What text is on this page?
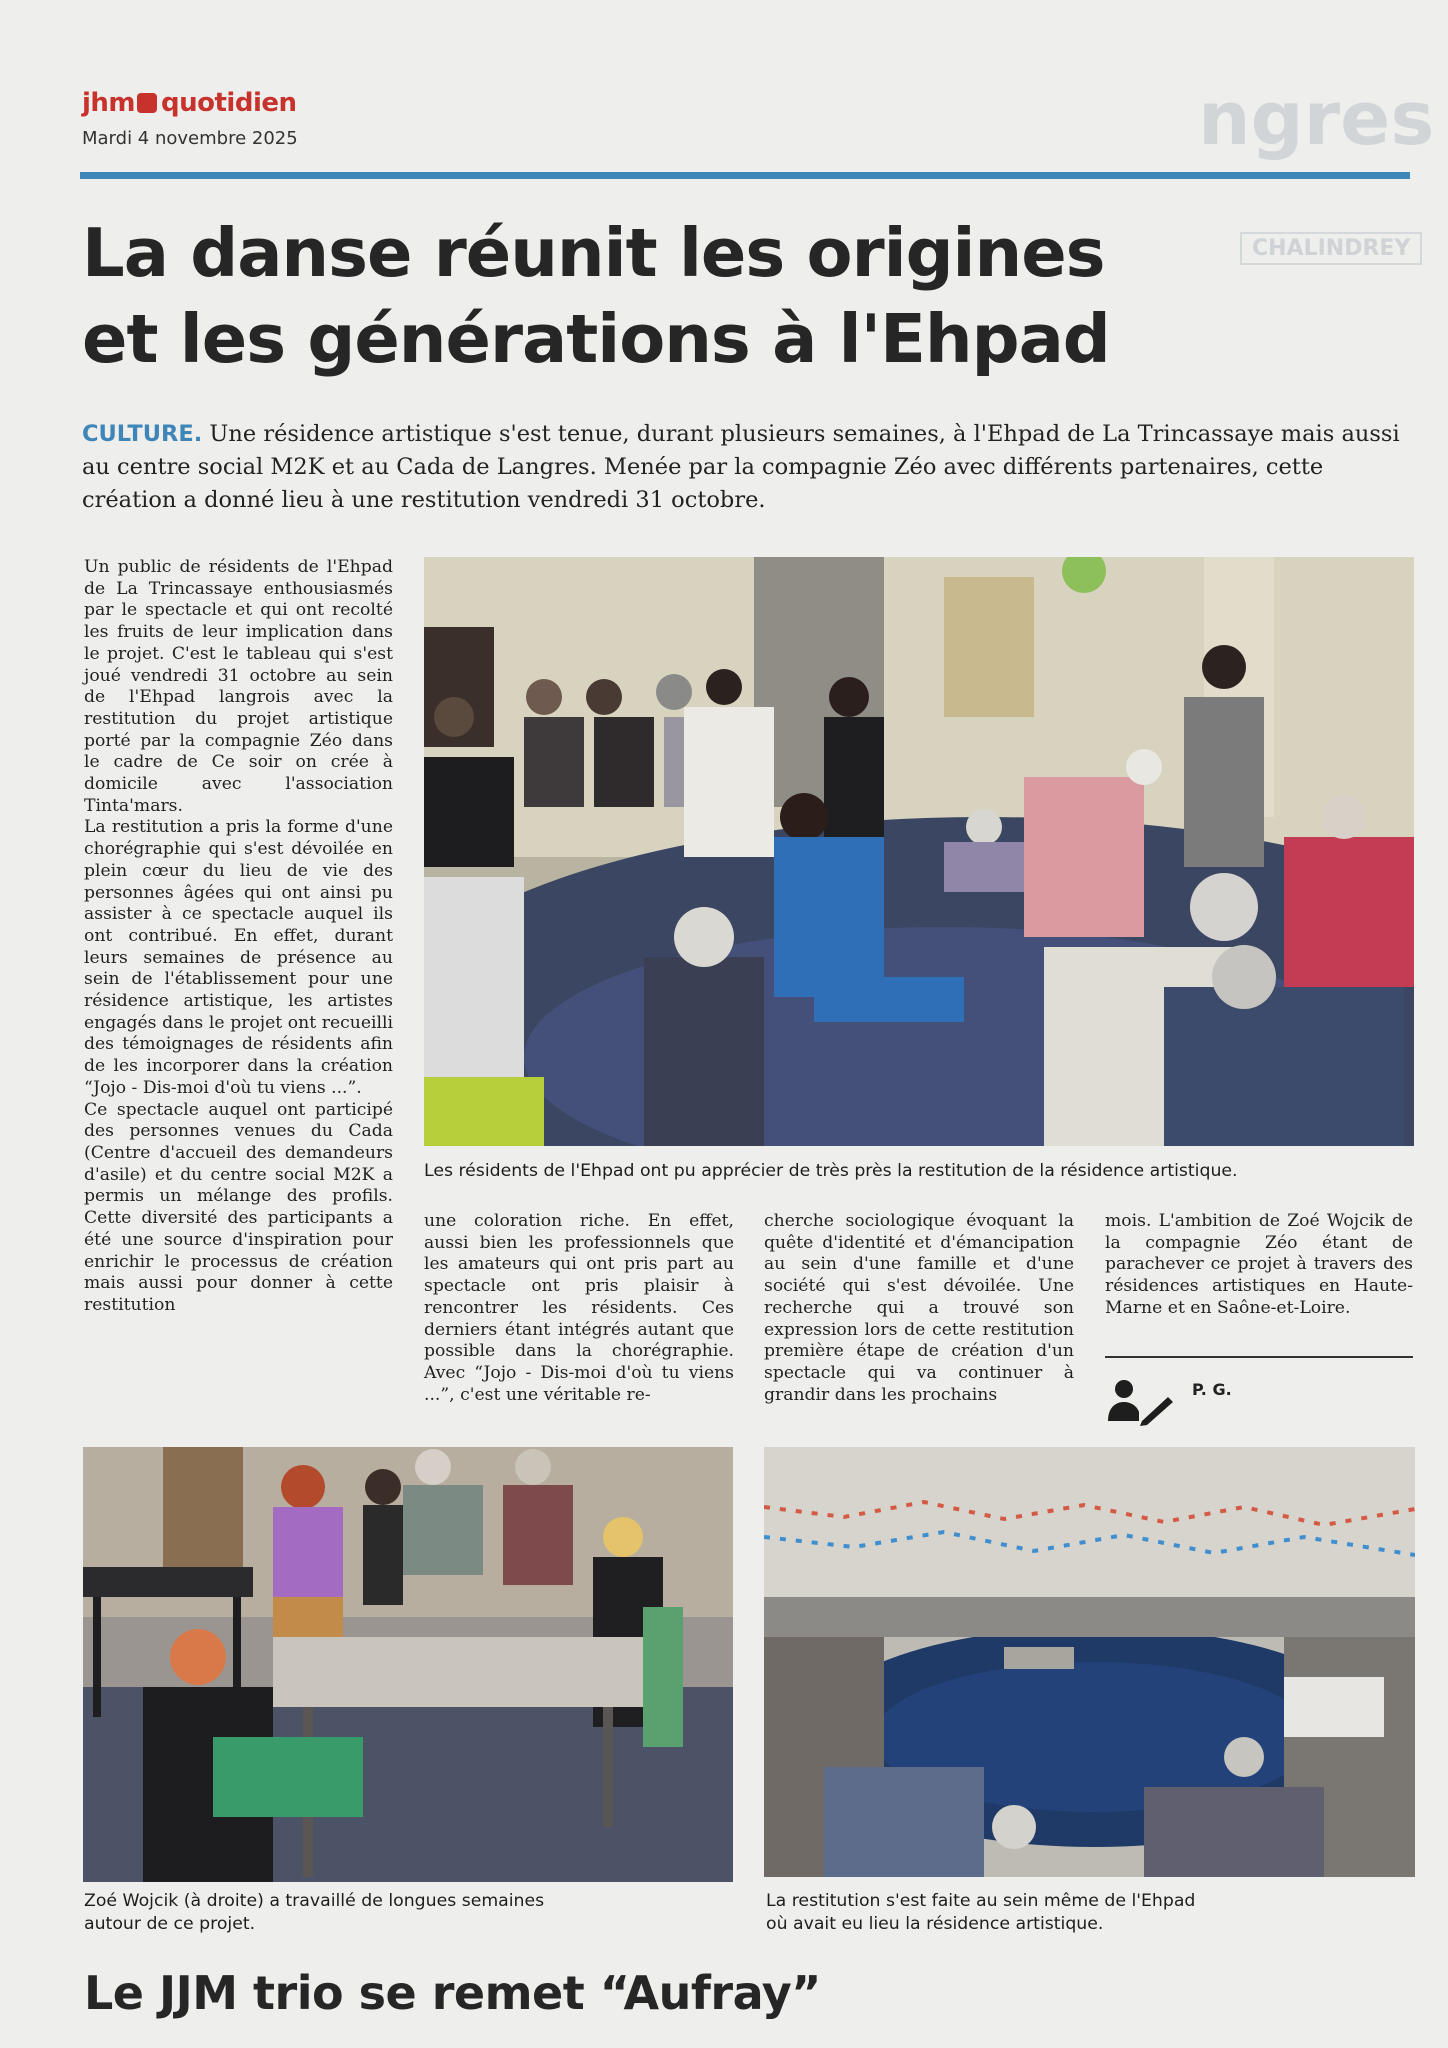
ngres
CHALINDREY
jhm quotidien
Mardi 4 novembre 2025
La danse réunit les origines
et les générations à l'Ehpad
CULTURE. Une résidence artistique s'est tenue, durant plusieurs semaines, à l'Ehpad de La Trincassaye mais aussi au centre social M2K et au Cada de Langres. Menée par la compagnie Zéo avec différents partenaires, cette création a donné lieu à une restitution vendredi 31 octobre.

Un public de résidents de l'Ehpad de La Trincassaye enthousiasmés par le spectacle et qui ont recolté les fruits de leur implication dans le projet. C'est le tableau qui s'est joué vendredi 31 octobre au sein de l'Ehpad langrois avec la restitution du projet artistique porté par la compagnie Zéo dans le cadre de Ce soir on crée à domicile avec l'association Tinta'mars.

La restitution a pris la forme d'une chorégraphie qui s'est dévoilée en plein cœur du lieu de vie des personnes âgées qui ont ainsi pu assister à ce spectacle auquel ils ont contribué. En effet, durant leurs semaines de présence au sein de l'établissement pour une résidence artistique, les artistes engagés dans le projet ont recueilli des témoignages de résidents afin de les incorporer dans la création “Jojo - Dis-moi d'où tu viens ...”.

Ce spectacle auquel ont participé des personnes venues du Cada (Centre d'accueil des demandeurs d'asile) et du centre social M2K a permis un mélange des profils. Cette diversité des participants a été une source d'inspiration pour enrichir le processus de création mais aussi pour donner à cette restitution

une coloration riche. En effet, aussi bien les professionnels que les amateurs qui ont pris part au spectacle ont pris plaisir à rencontrer les résidents. Ces derniers étant intégrés autant que possible dans la chorégraphie. Avec “Jojo - Dis-moi d'où tu viens ...”, c'est une véritable re-

cherche sociologique évoquant la quête d'identité et d'émancipation au sein d'une famille et d'une société qui s'est dévoilée. Une recherche qui a trouvé son expression lors de cette restitution première étape de création d'un spectacle qui va continuer à grandir dans les prochains

mois. L'ambition de Zoé Wojcik de la compagnie Zéo étant de parachever ce projet à travers des résidences artistiques en Haute-Marne et en Saône-et-Loire.

P. G.
Les résidents de l'Ehpad ont pu apprécier de très près la restitution de la résidence artistique.
Zoé Wojcik (à droite) a travaillé de longues semaines
autour de ce projet.
La restitution s'est faite au sein même de l'Ehpad
où avait eu lieu la résidence artistique.
Le JJM trio se remet “Aufray”
